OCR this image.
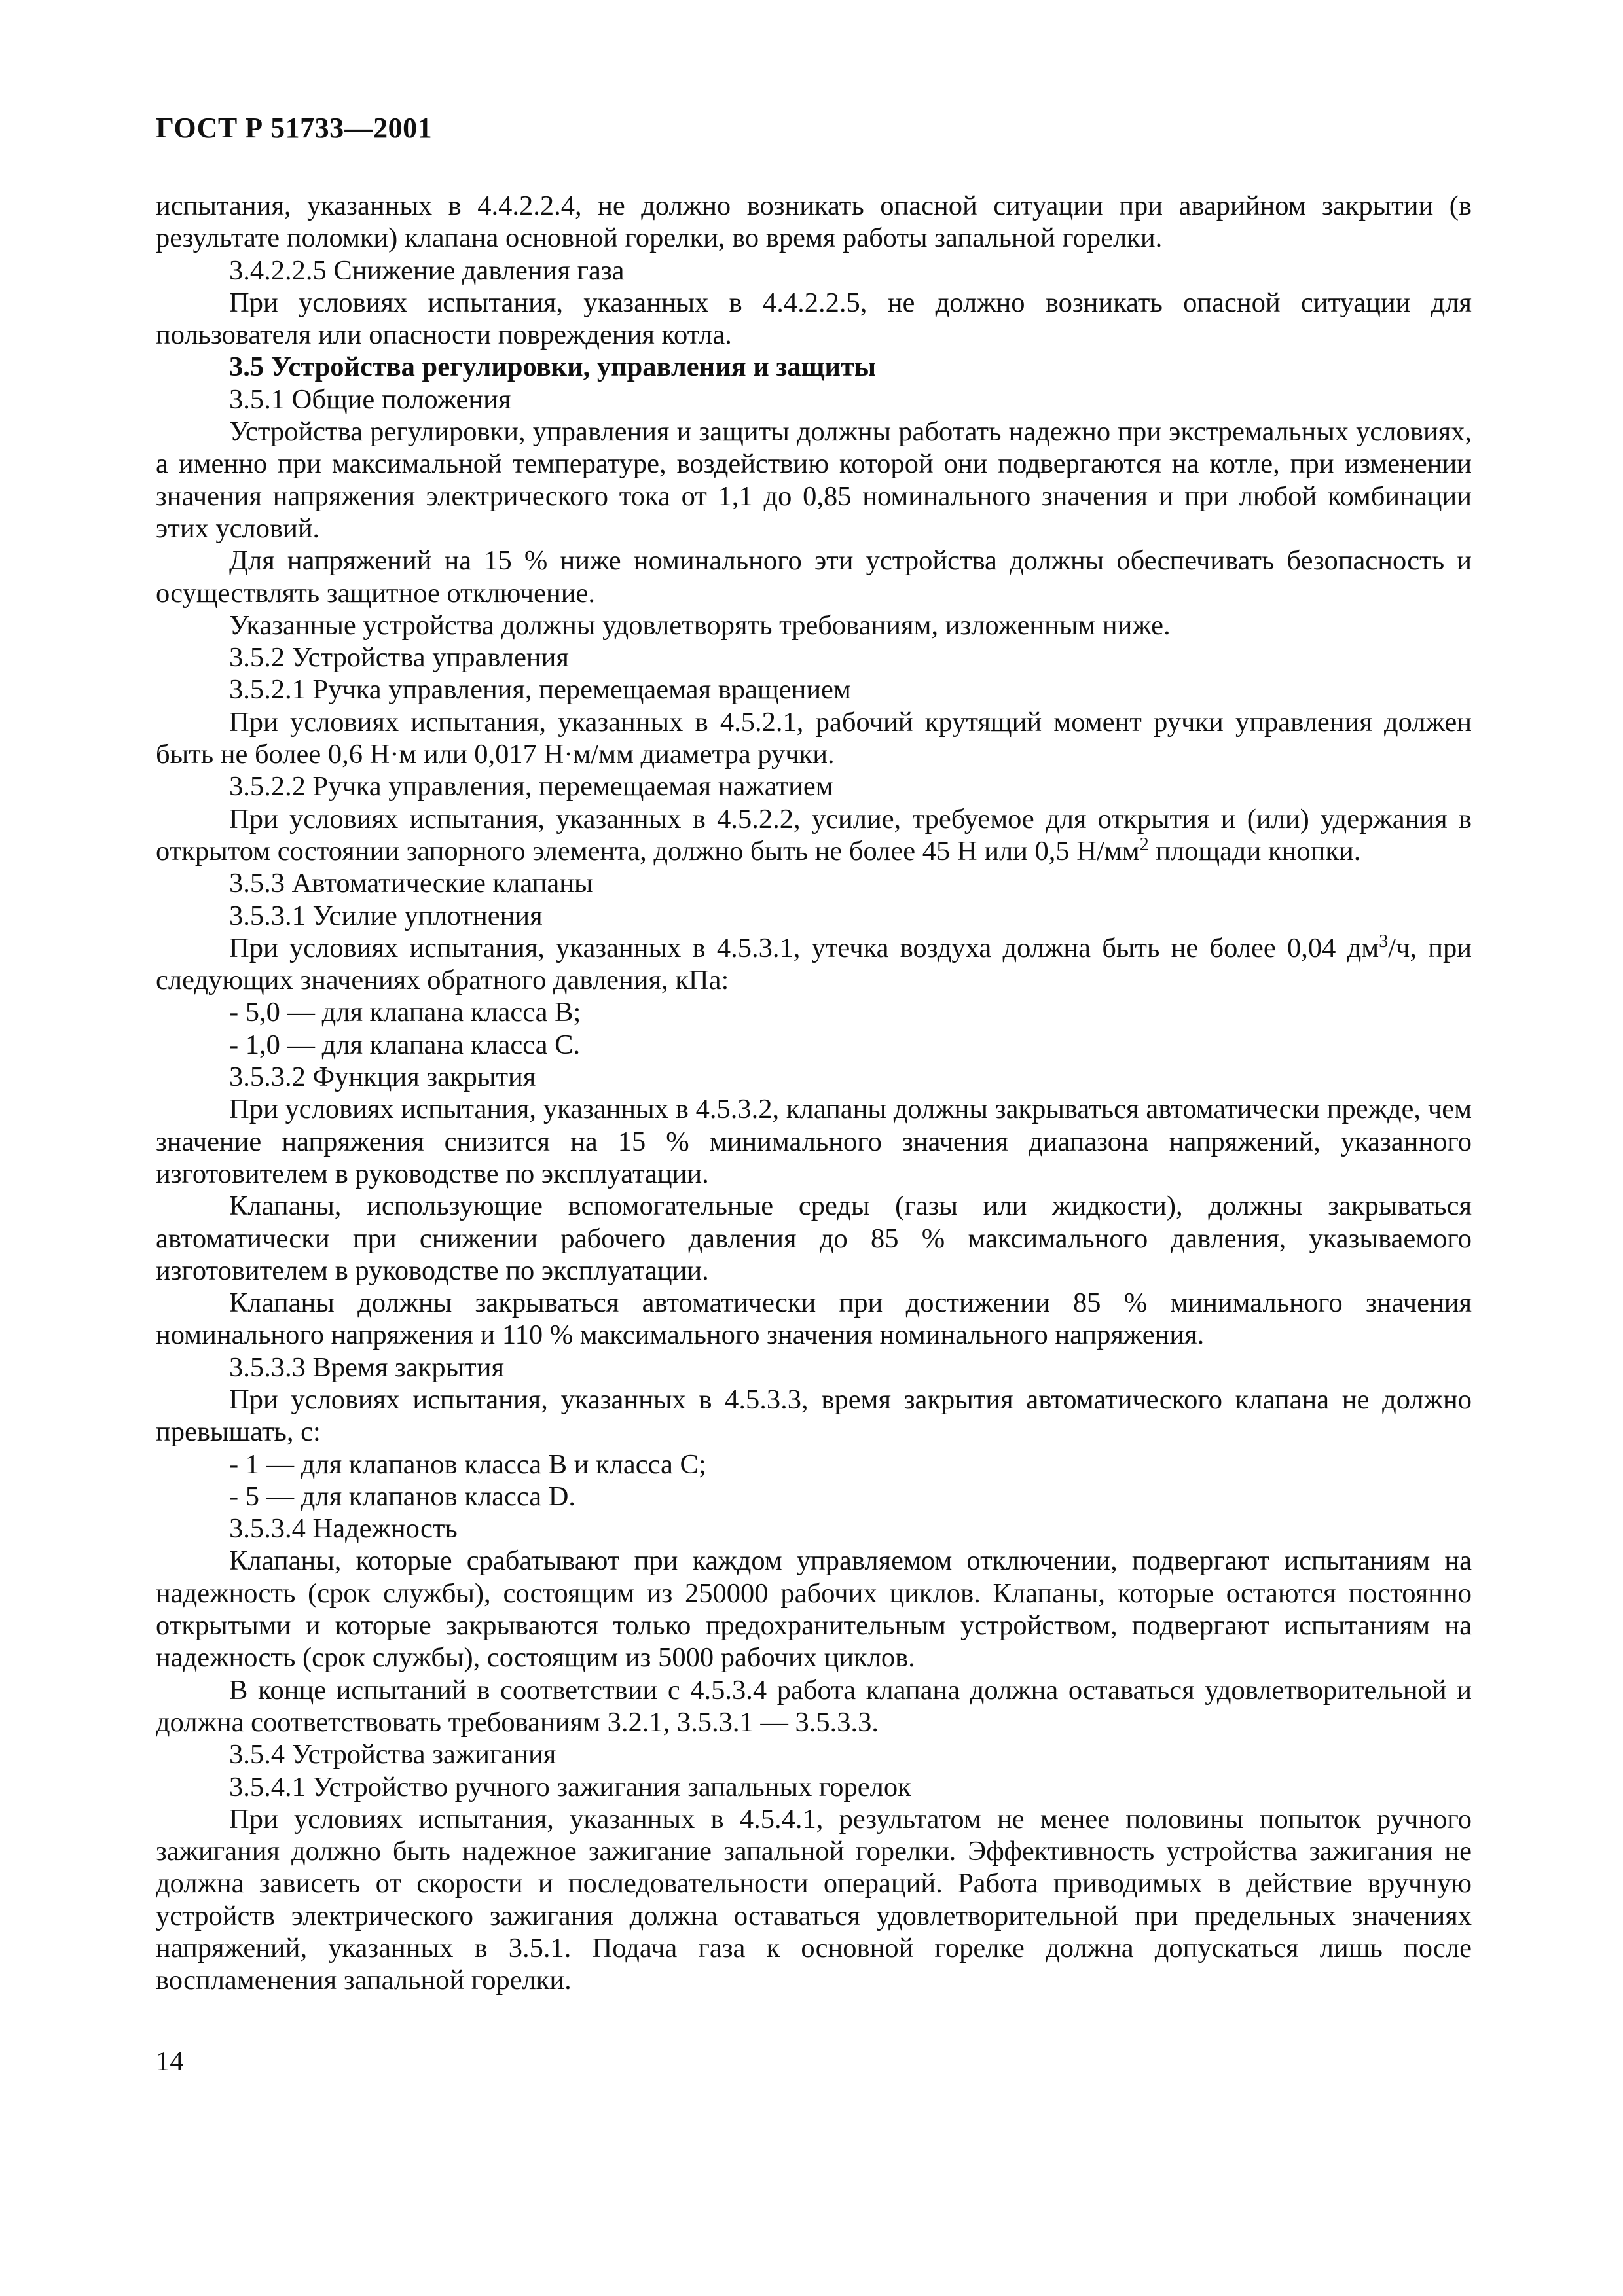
ГОСТ Р 51733—2001

испытания, указанных в 4.4.2.2.4, не должно возникать опасной ситуации при аварийном закрытии (в результате поломки) клапана основной горелки, во время работы запальной горелки.

3.4.2.2.5 Снижение давления газа

При условиях испытания, указанных в 4.4.2.2.5, не должно возникать опасной ситуации для пользователя или опасности повреждения котла.

3.5 Устройства регулировки, управления и защиты

3.5.1 Общие положения

Устройства регулировки, управления и защиты должны работать надежно при экстремальных условиях, а именно при максимальной температуре, воздействию которой они подвергаются на котле, при изменении значения напряжения электрического тока от 1,1 до 0,85 номинального значения и при любой комбинации этих условий.

Для напряжений на 15 % ниже номинального эти устройства должны обеспечивать безопасность и осуществлять защитное отключение.

Указанные устройства должны удовлетворять требованиям, изложенным ниже.

3.5.2 Устройства управления

3.5.2.1 Ручка управления, перемещаемая вращением

При условиях испытания, указанных в 4.5.2.1, рабочий крутящий момент ручки управления должен быть не более 0,6 Н·м или 0,017 Н·м/мм диаметра ручки.

3.5.2.2 Ручка управления, перемещаемая нажатием

При условиях испытания, указанных в 4.5.2.2, усилие, требуемое для открытия и (или) удержания в открытом состоянии запорного элемента, должно быть не более 45 Н или 0,5 $Н/мм^2$ площади кнопки.

3.5.3 Автоматические клапаны

3.5.3.1 Усилие уплотнения

При условиях испытания, указанных в 4.5.3.1, утечка воздуха должна быть не более 0,04 $дм^3/ч$, при следующих значениях обратного давления, кПа:

- 5,0 — для клапана класса В;

- 1,0 — для клапана класса С.

3.5.3.2 Функция закрытия

При условиях испытания, указанных в 4.5.3.2, клапаны должны закрываться автоматически прежде, чем значение напряжения снизится на 15 % минимального значения диапазона напряжений, указанного изготовителем в руководстве по эксплуатации.

Клапаны, использующие вспомогательные среды (газы или жидкости), должны закрываться автоматически при снижении рабочего давления до 85 % максимального давления, указываемого изготовителем в руководстве по эксплуатации.

Клапаны должны закрываться автоматически при достижении 85 % минимального значения номинального напряжения и 110 % максимального значения номинального напряжения.

3.5.3.3 Время закрытия

При условиях испытания, указанных в 4.5.3.3, время закрытия автоматического клапана не должно превышать, с:

- 1 — для клапанов класса В и класса С;

- 5 — для клапанов класса D.

3.5.3.4 Надежность

Клапаны, которые срабатывают при каждом управляемом отключении, подвергают испытаниям на надежность (срок службы), состоящим из 250000 рабочих циклов. Клапаны, которые остаются постоянно открытыми и которые закрываются только предохранительным устройством, подвергают испытаниям на надежность (срок службы), состоящим из 5000 рабочих циклов.

В конце испытаний в соответствии с 4.5.3.4 работа клапана должна оставаться удовлетворительной и должна соответствовать требованиям 3.2.1, 3.5.3.1 — 3.5.3.3.

3.5.4 Устройства зажигания

3.5.4.1 Устройство ручного зажигания запальных горелок

При условиях испытания, указанных в 4.5.4.1, результатом не менее половины попыток ручного зажигания должно быть надежное зажигание запальной горелки. Эффективность устройства зажигания не должна зависеть от скорости и последовательности операций. Работа приводимых в действие вручную устройств электрического зажигания должна оставаться удовлетворительной при предельных значениях напряжений, указанных в 3.5.1. Подача газа к основной горелке должна допускаться лишь после воспламенения запальной горелки.

14
